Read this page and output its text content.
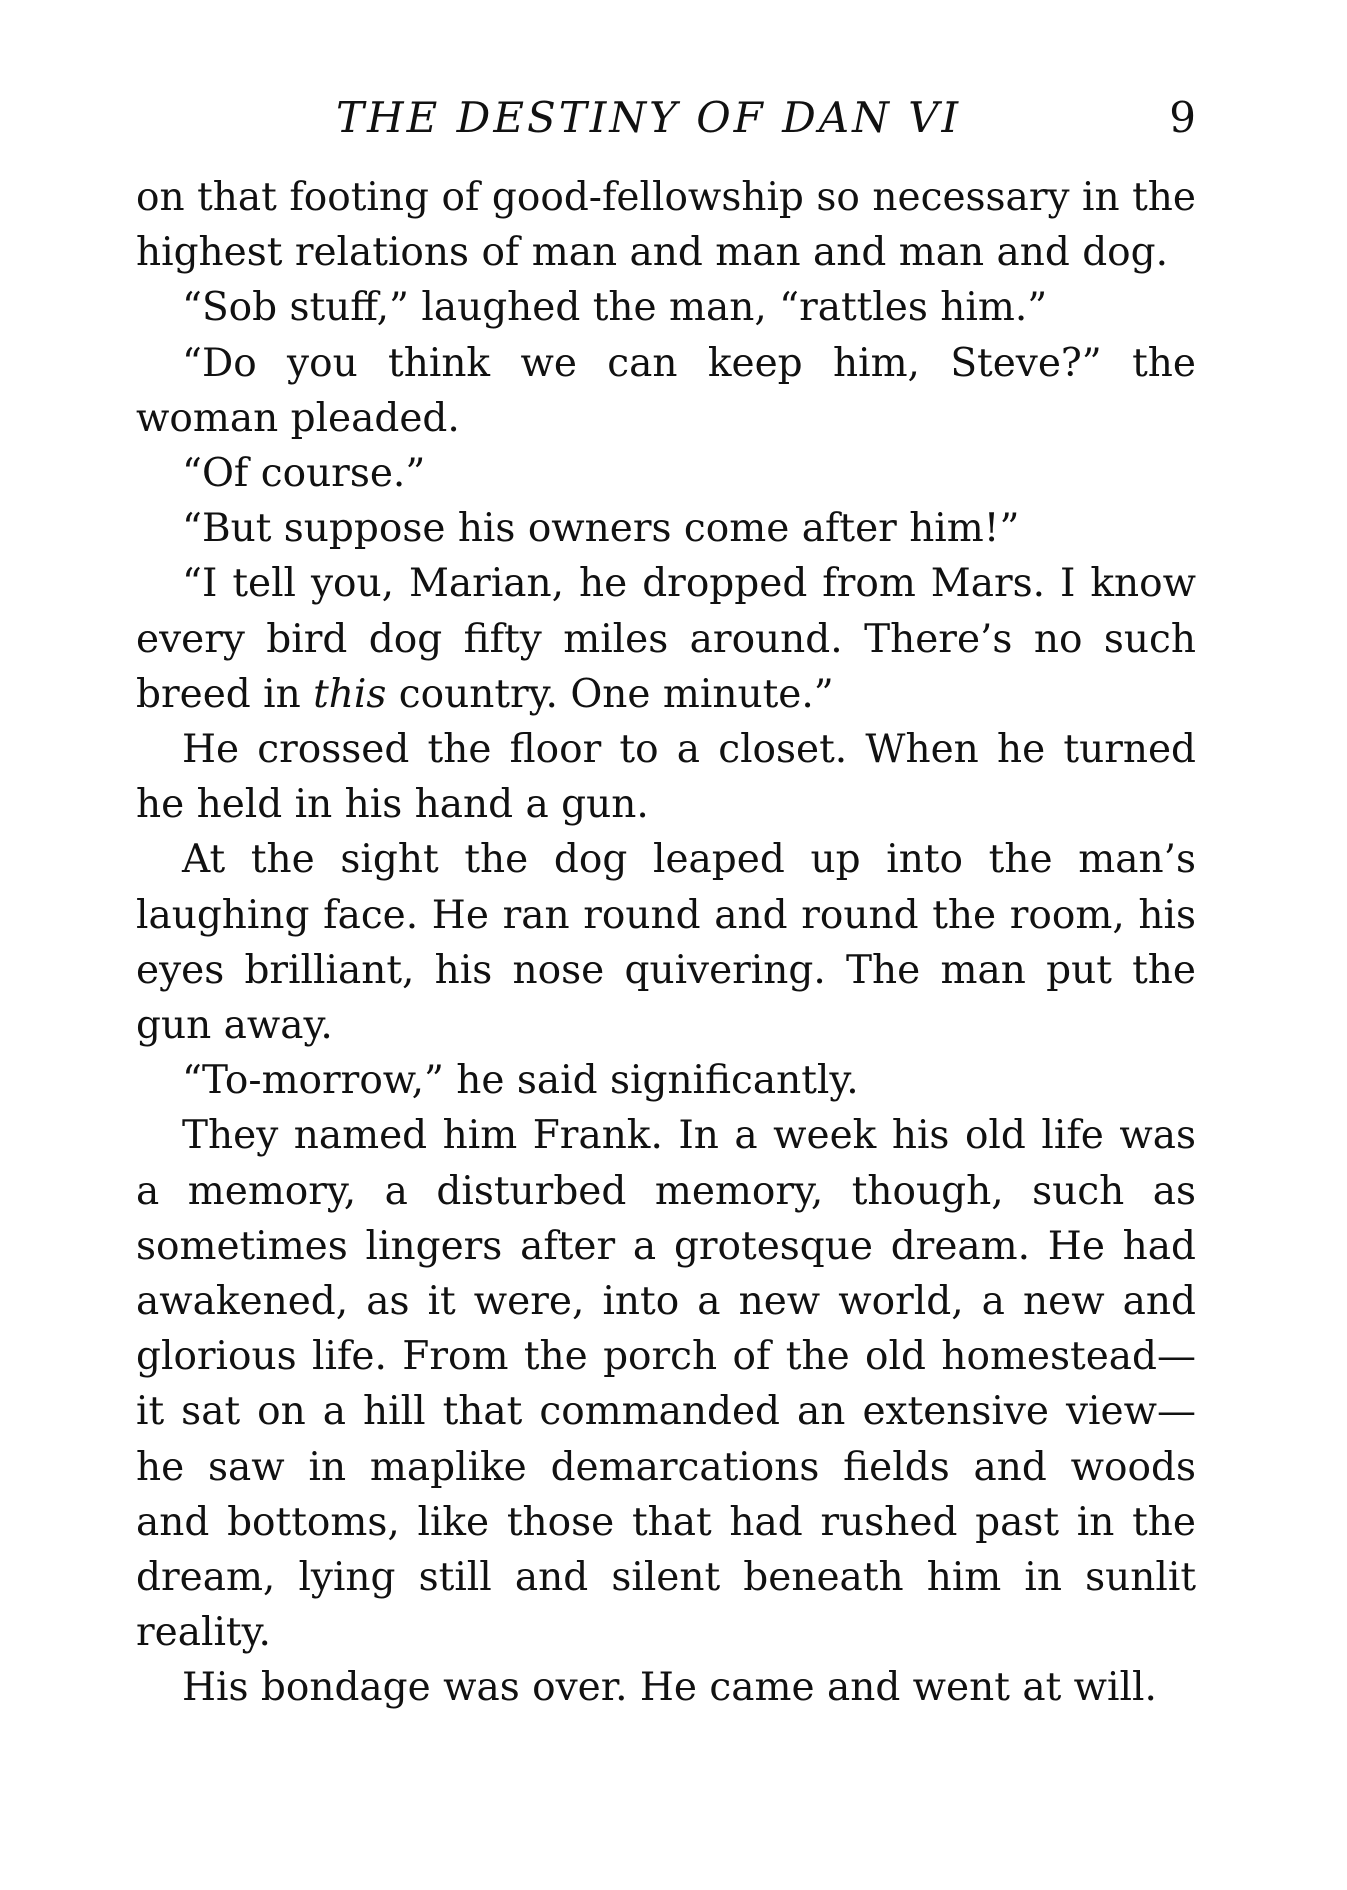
THE DESTINY OF DAN VI	9

on that footing of good-fellowship so necessary in the highest relations of man and man and man and dog.

“Sob stuff,” laughed the man, “rattles him.”

“Do you think we can keep him, Steve?” the woman pleaded.

“Of course.”

“But suppose his owners come after him!”

“I tell you, Marian, he dropped from Mars. I know every bird dog fifty miles around. There’s no such breed in this country. One minute.”

He crossed the floor to a closet. When he turned he held in his hand a gun.

At the sight the dog leaped up into the man’s laughing face. He ran round and round the room, his eyes brilliant, his nose quivering. The man put the gun away.

“To-morrow,” he said significantly.

They named him Frank. In a week his old life was a memory, a disturbed memory, though, such as sometimes lingers after a grotesque dream. He had awakened, as it were, into a new world, a new and glorious life. From the porch of the old homestead—it sat on a hill that commanded an extensive view—he saw in maplike demarcations fields and woods and bottoms, like those that had rushed past in the dream, lying still and silent beneath him in sunlit reality.

His bondage was over. He came and went at will.
